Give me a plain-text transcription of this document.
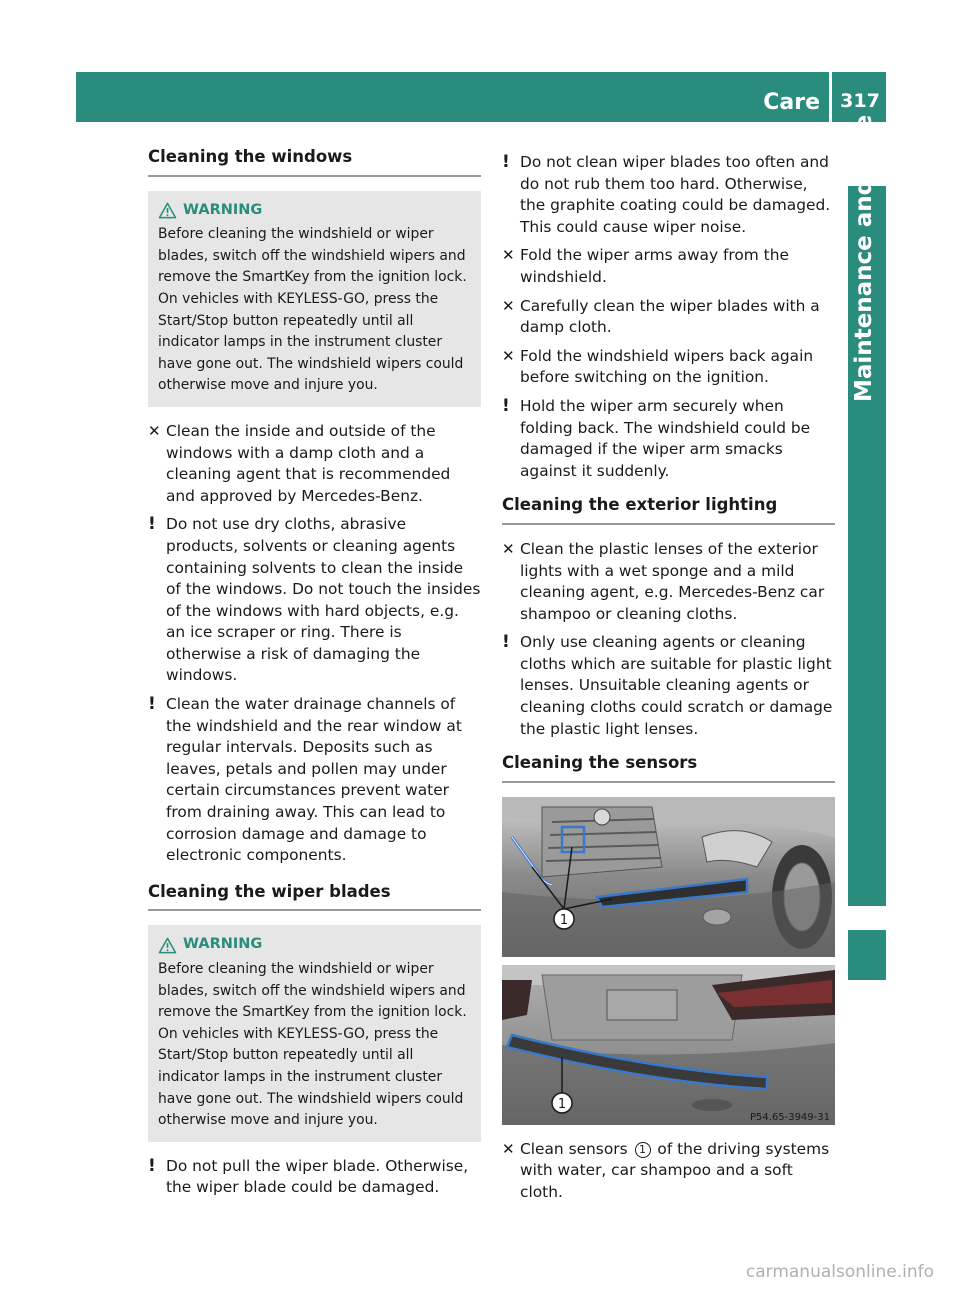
Care	317
Maintenance and care
Cleaning the windows
WARNING
Before cleaning the windshield or wiper blades, switch off the windshield wipers and remove the SmartKey from the ignition lock. On vehicles with KEYLESS-GO, press the Start/Stop button repeatedly until all indicator lamps in the instrument cluster have gone out. The windshield wipers could otherwise move and injure you.
✕ Clean the inside and outside of the windows with a damp cloth and a cleaning agent that is recommended and approved by Mercedes-Benz.
! Do not use dry cloths, abrasive products, solvents or cleaning agents containing solvents to clean the inside of the windows. Do not touch the insides of the windows with hard objects, e.g. an ice scraper or ring. There is otherwise a risk of damaging the windows.
! Clean the water drainage channels of the windshield and the rear window at regular intervals. Deposits such as leaves, petals and pollen may under certain circumstances prevent water from draining away. This can lead to corrosion damage and damage to electronic components.
Cleaning the wiper blades
WARNING
Before cleaning the windshield or wiper blades, switch off the windshield wipers and remove the SmartKey from the ignition lock. On vehicles with KEYLESS-GO, press the Start/Stop button repeatedly until all indicator lamps in the instrument cluster have gone out. The windshield wipers could otherwise move and injure you.
! Do not pull the wiper blade. Otherwise, the wiper blade could be damaged.
! Do not clean wiper blades too often and do not rub them too hard. Otherwise, the graphite coating could be damaged. This could cause wiper noise.
✕ Fold the wiper arms away from the windshield.
✕ Carefully clean the wiper blades with a damp cloth.
✕ Fold the windshield wipers back again before switching on the ignition.
! Hold the wiper arm securely when folding back. The windshield could be damaged if the wiper arm smacks against it suddenly.
Cleaning the exterior lighting
✕ Clean the plastic lenses of the exterior lights with a wet sponge and a mild cleaning agent, e.g. Mercedes-Benz car shampoo or cleaning cloths.
! Only use cleaning agents or cleaning cloths which are suitable for plastic light lenses. Unsuitable cleaning agents or cleaning cloths could scratch or damage the plastic light lenses.
Cleaning the sensors
1
1
P54.65-3949-31
✕ Clean sensors 1 of the driving systems with water, car shampoo and a soft cloth.
carmanualsonline.info
